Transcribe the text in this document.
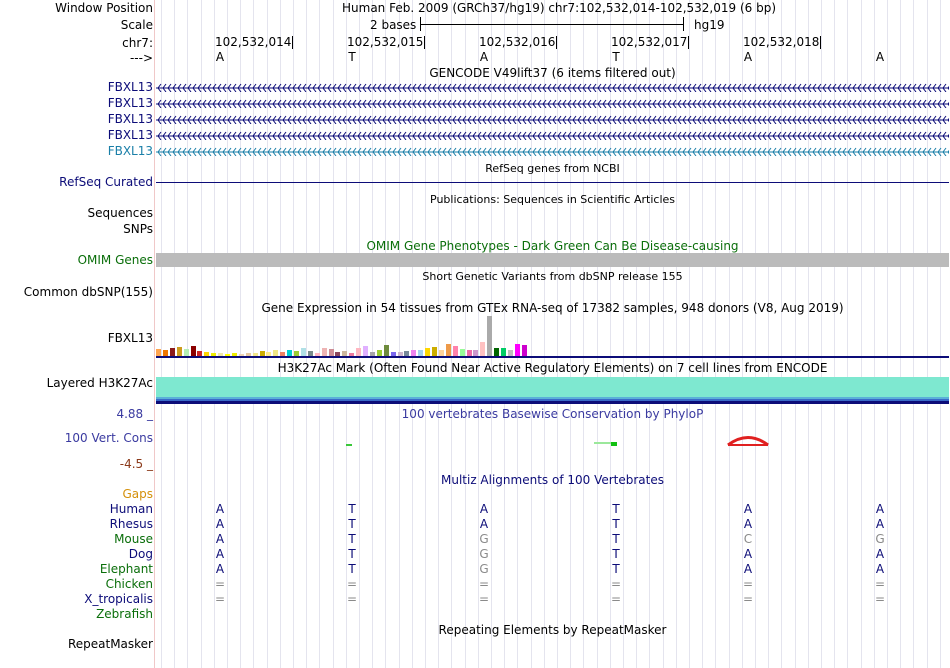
Window Position	Human Feb. 2009 (GRCh37/hg19) chr7:102,532,014-102,532,019 (6 bp)
Scale	2 bases	hg19
chr7:	102,532,014	102,532,015	102,532,016	102,532,017	102,532,018
--->	A	T	A	T	A	A
GENCODE V49lift37 (6 items filtered out)
FBXL13
FBXL13
FBXL13
FBXL13
FBXL13
RefSeq genes from NCBI
RefSeq Curated
Publications: Sequences in Scientific Articles
Sequences
SNPs
OMIM Gene Phenotypes - Dark Green Can Be Disease-causing
OMIM Genes
Short Genetic Variants from dbSNP release 155
Common dbSNP(155)
Gene Expression in 54 tissues from GTEx RNA-seq of 17382 samples, 948 donors (V8, Aug 2019)
FBXL13
H3K27Ac Mark (Often Found Near Active Regulatory Elements) on 7 cell lines from ENCODE
Layered H3K27Ac
100 vertebrates Basewise Conservation by PhyloP
4.88 _
100 Vert. Cons
-4.5 _
Multiz Alignments of 100 Vertebrates
Gaps
Human	A	T	A	T	A	A
Rhesus	A	T	A	T	A	A
Mouse	A	T	G	T	C	G
Dog	A	T	G	T	A	A
Elephant	A	T	G	T	A	A
Chicken	=	=	=	=	=	=
X_tropicalis	=	=	=	=	=	=
Zebrafish
Repeating Elements by RepeatMasker
RepeatMasker
